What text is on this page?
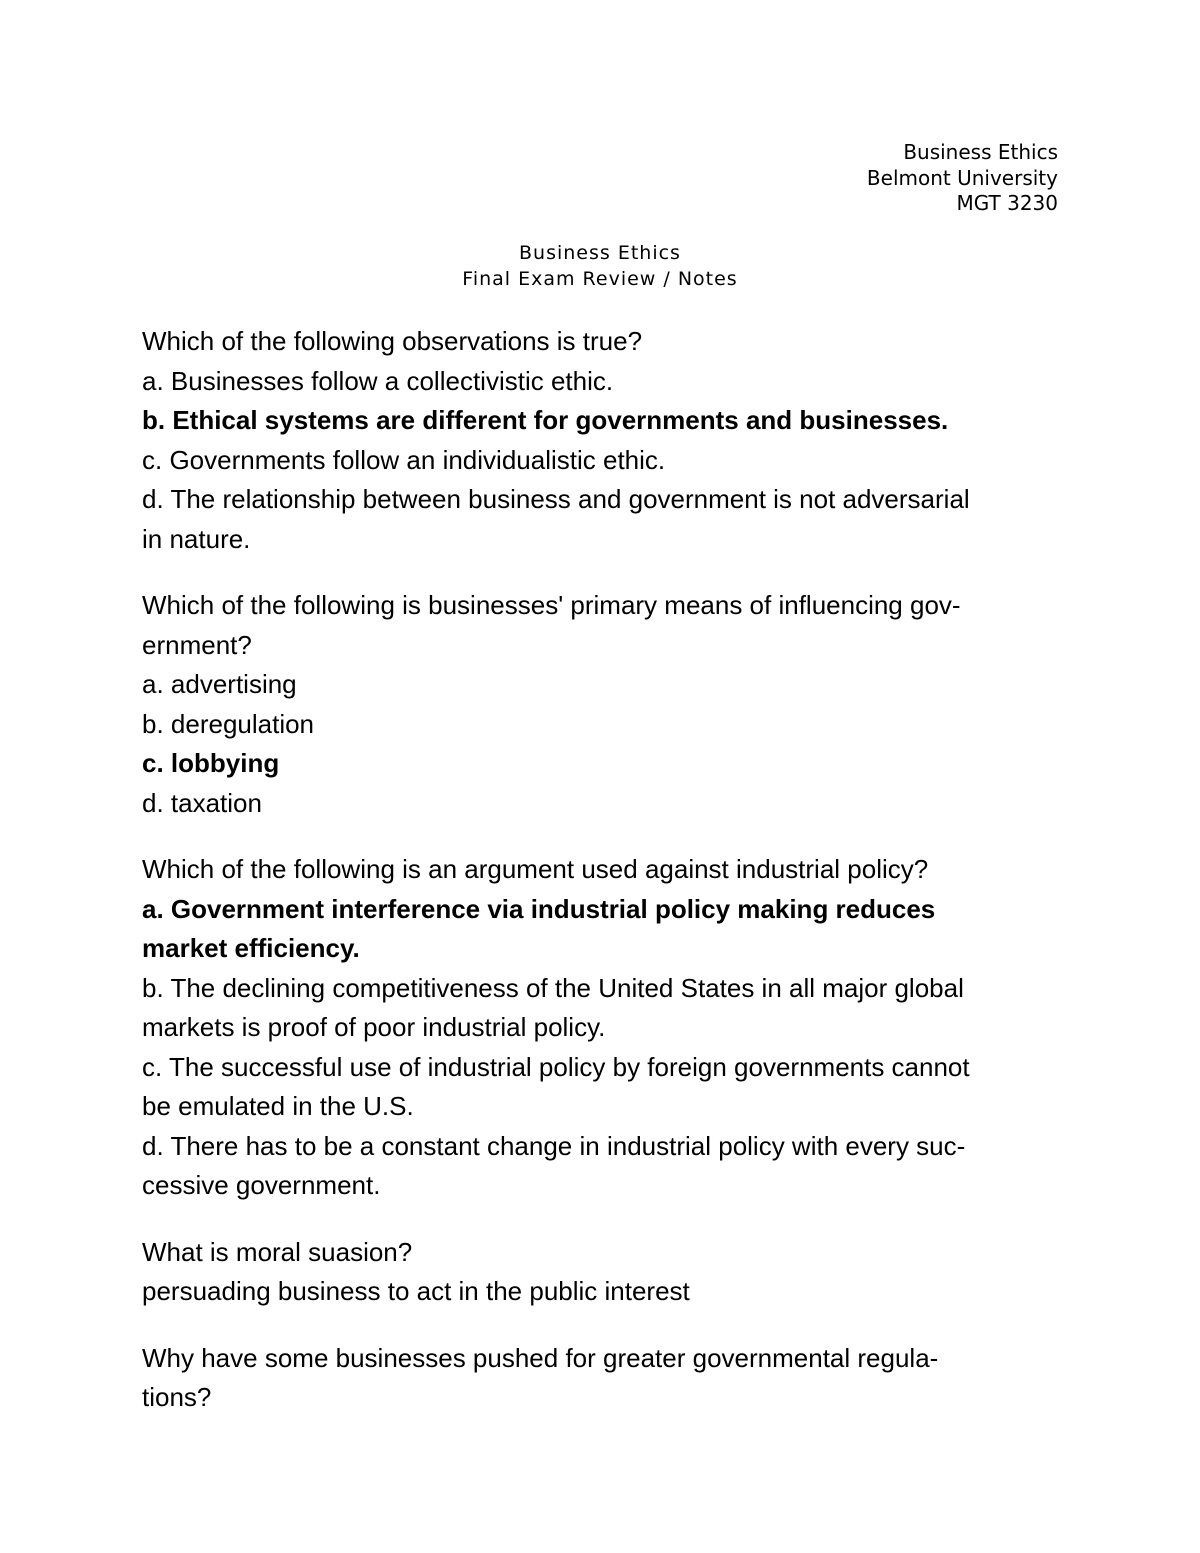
Business Ethics
Belmont University
MGT 3230
Business Ethics
Final Exam Review / Notes
Which of the following observations is true?
a. Businesses follow a collectivistic ethic.
b. Ethical systems are different for governments and businesses.
c. Governments follow an individualistic ethic.
d. The relationship between business and government is not adversarial
in nature.
Which of the following is businesses' primary means of influencing gov-
ernment?
a. advertising
b. deregulation
c. lobbying
d. taxation
Which of the following is an argument used against industrial policy?
a. Government interference via industrial policy making reduces
market efficiency.
b. The declining competitiveness of the United States in all major global
markets is proof of poor industrial policy.
c. The successful use of industrial policy by foreign governments cannot
be emulated in the U.S.
d. There has to be a constant change in industrial policy with every suc-
cessive government.
What is moral suasion?
persuading business to act in the public interest
Why have some businesses pushed for greater governmental regula-
tions?
